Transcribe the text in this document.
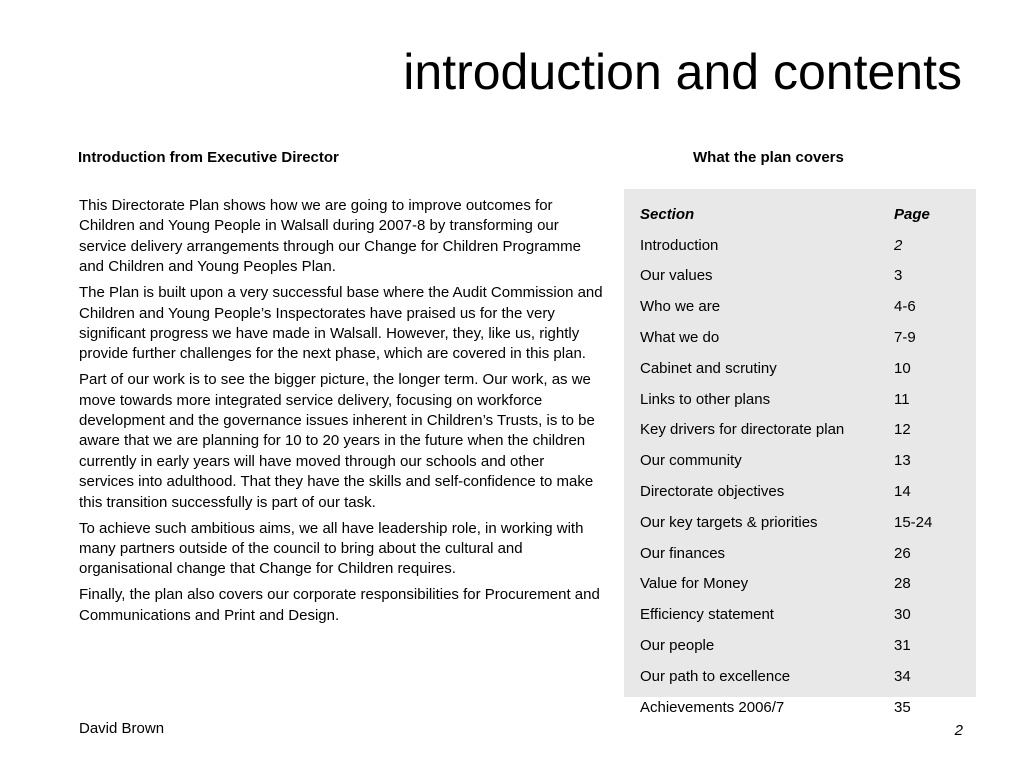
introduction and contents
Introduction from Executive Director	What the plan covers

This Directorate Plan shows how we are going to improve outcomes for Children and Young People in Walsall during 2007-8 by transforming our service delivery arrangements through our Change for Children Programme and Children and Young Peoples Plan.

The Plan is built upon a very successful base where the Audit Commission and Children and Young People’s Inspectorates have praised us for the very significant progress we have made in Walsall. However, they, like us, rightly provide further challenges for the next phase, which are covered in this plan.

Part of our work is to see the bigger picture, the longer term. Our work, as we move towards more integrated service delivery, focusing on workforce development and the governance issues inherent in Children’s Trusts, is to be aware that we are planning for 10 to 20 years in the future when the children currently in early years will have moved through our schools and other services into adulthood. That they have the skills and self-confidence to make this transition successfully is part of our task.

To achieve such ambitious aims, we all have leadership role, in working with many partners outside of the council to bring about the cultural and organisational change that Change for Children requires.

Finally, the plan also covers our corporate responsibilities for Procurement and Communications and Print and Design.

David Brown

Section	Page
Introduction	2
Our values	3
Who we are	4-6
What we do	7-9
Cabinet and scrutiny	10
Links to other plans	11
Key drivers for directorate plan	12
Our community	13
Directorate objectives	14
Our key targets & priorities	15-24
Our finances	26
Value for Money	28
Efficiency statement	30
Our people	31
Our path to excellence	34
Achievements 2006/7	35

2
